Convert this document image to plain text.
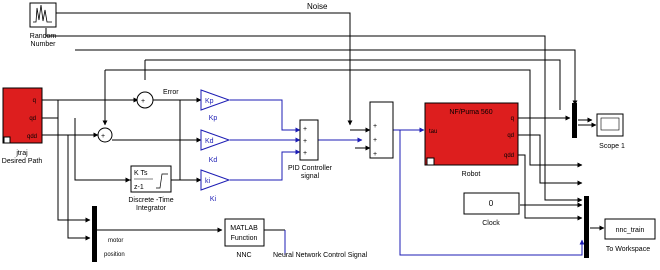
Random
Number
Noise
q
qd
qdd
jtraj
Desired Path
+
Error
+
Kp
Kp
Kd
Kd
ki
Ki
K Ts
z-1
Discrete -Time
Integrator
+
+
+
PID Controller
signal
+
+
+
NF/Puma 560
tau
q
qd
qdd
Robot
Scope 1
0
Clock
nnc_train
To Workspace
motor
position
MATLAB
Function
NNC	Neural Network Control Signal
